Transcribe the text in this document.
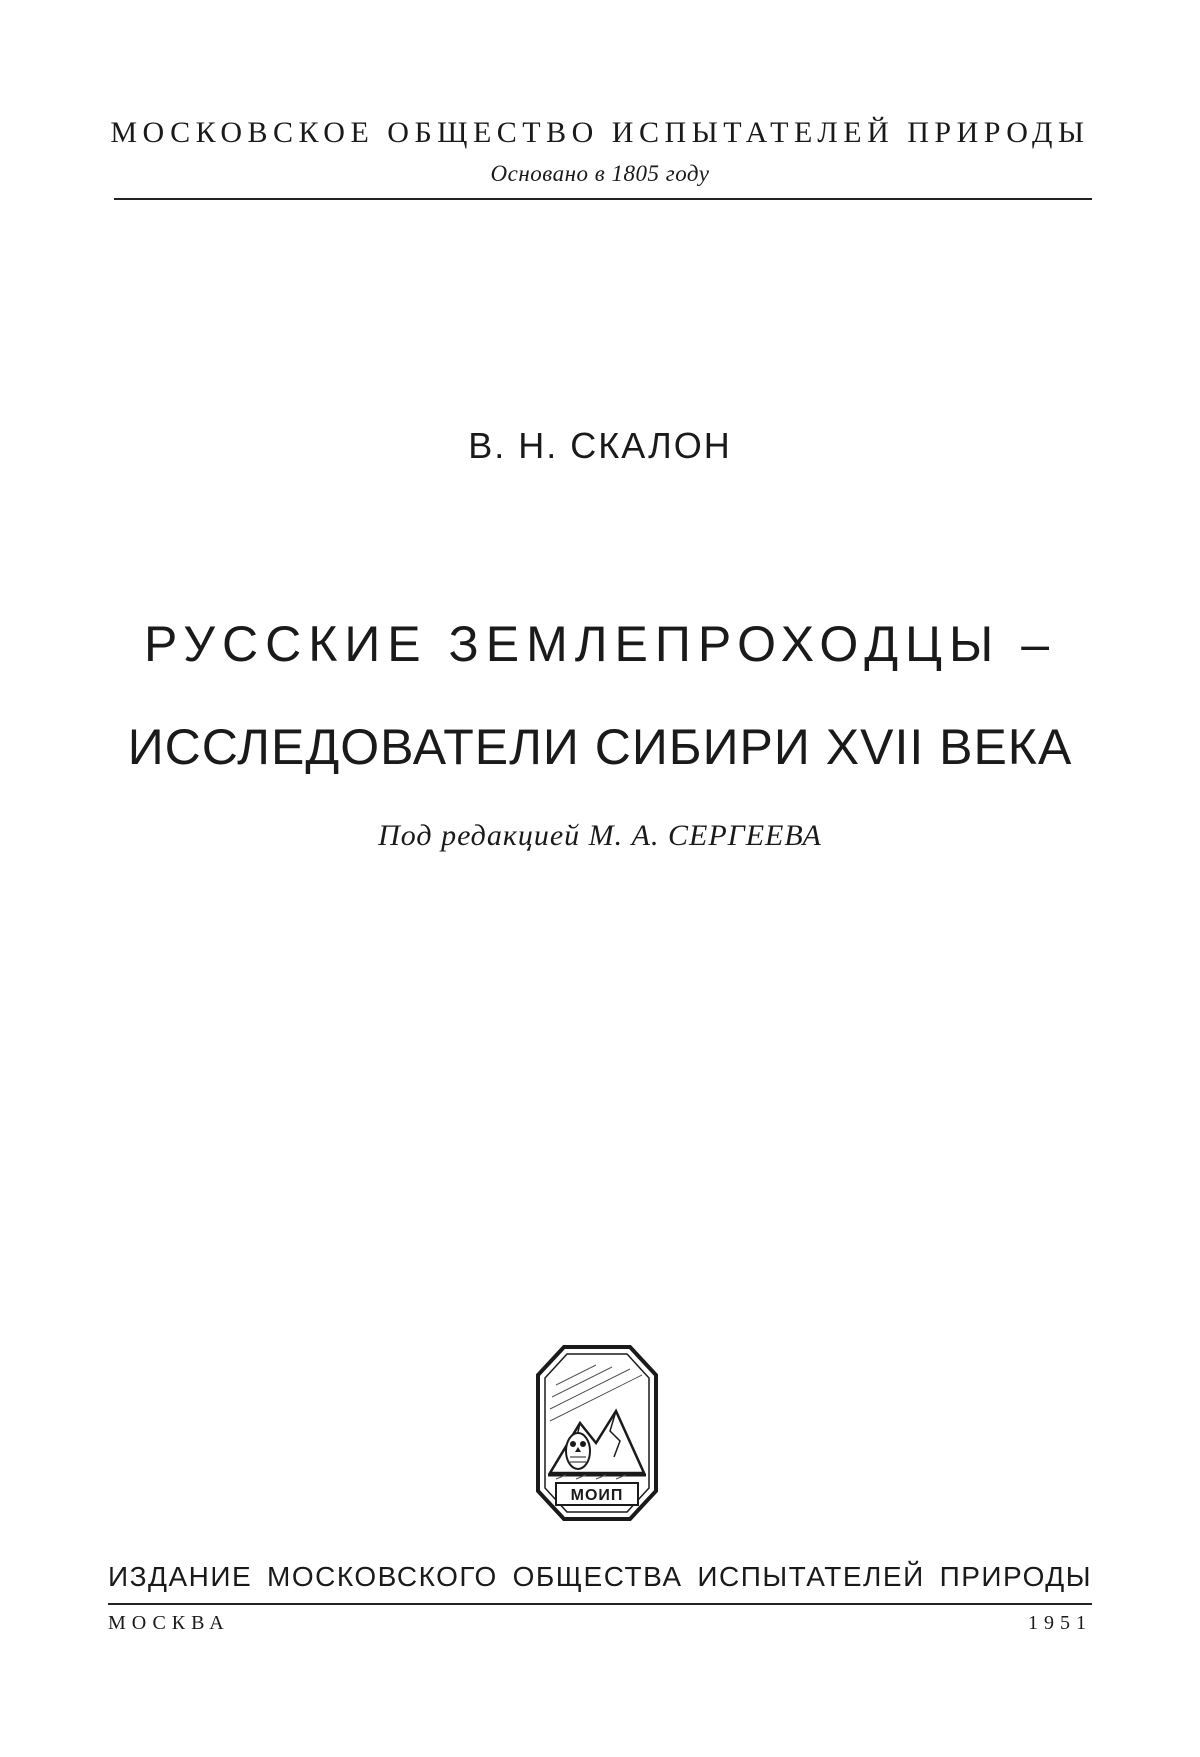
МОСКОВСКОЕ ОБЩЕСТВО ИСПЫТАТЕЛЕЙ ПРИРОДЫ
Основано в 1805 году
В. Н. СКАЛОН
РУССКИЕ ЗЕМЛЕПРОХОДЦЫ –
ИССЛЕДОВАТЕЛИ СИБИРИ XVII ВЕКА
Под редакцией М. А. СЕРГЕЕВА
МОИП
ИЗДАНИЕ МОСКОВСКОГО ОБЩЕСТВА ИСПЫТАТЕЛЕЙ ПРИРОДЫ
МОСКВА	1951
